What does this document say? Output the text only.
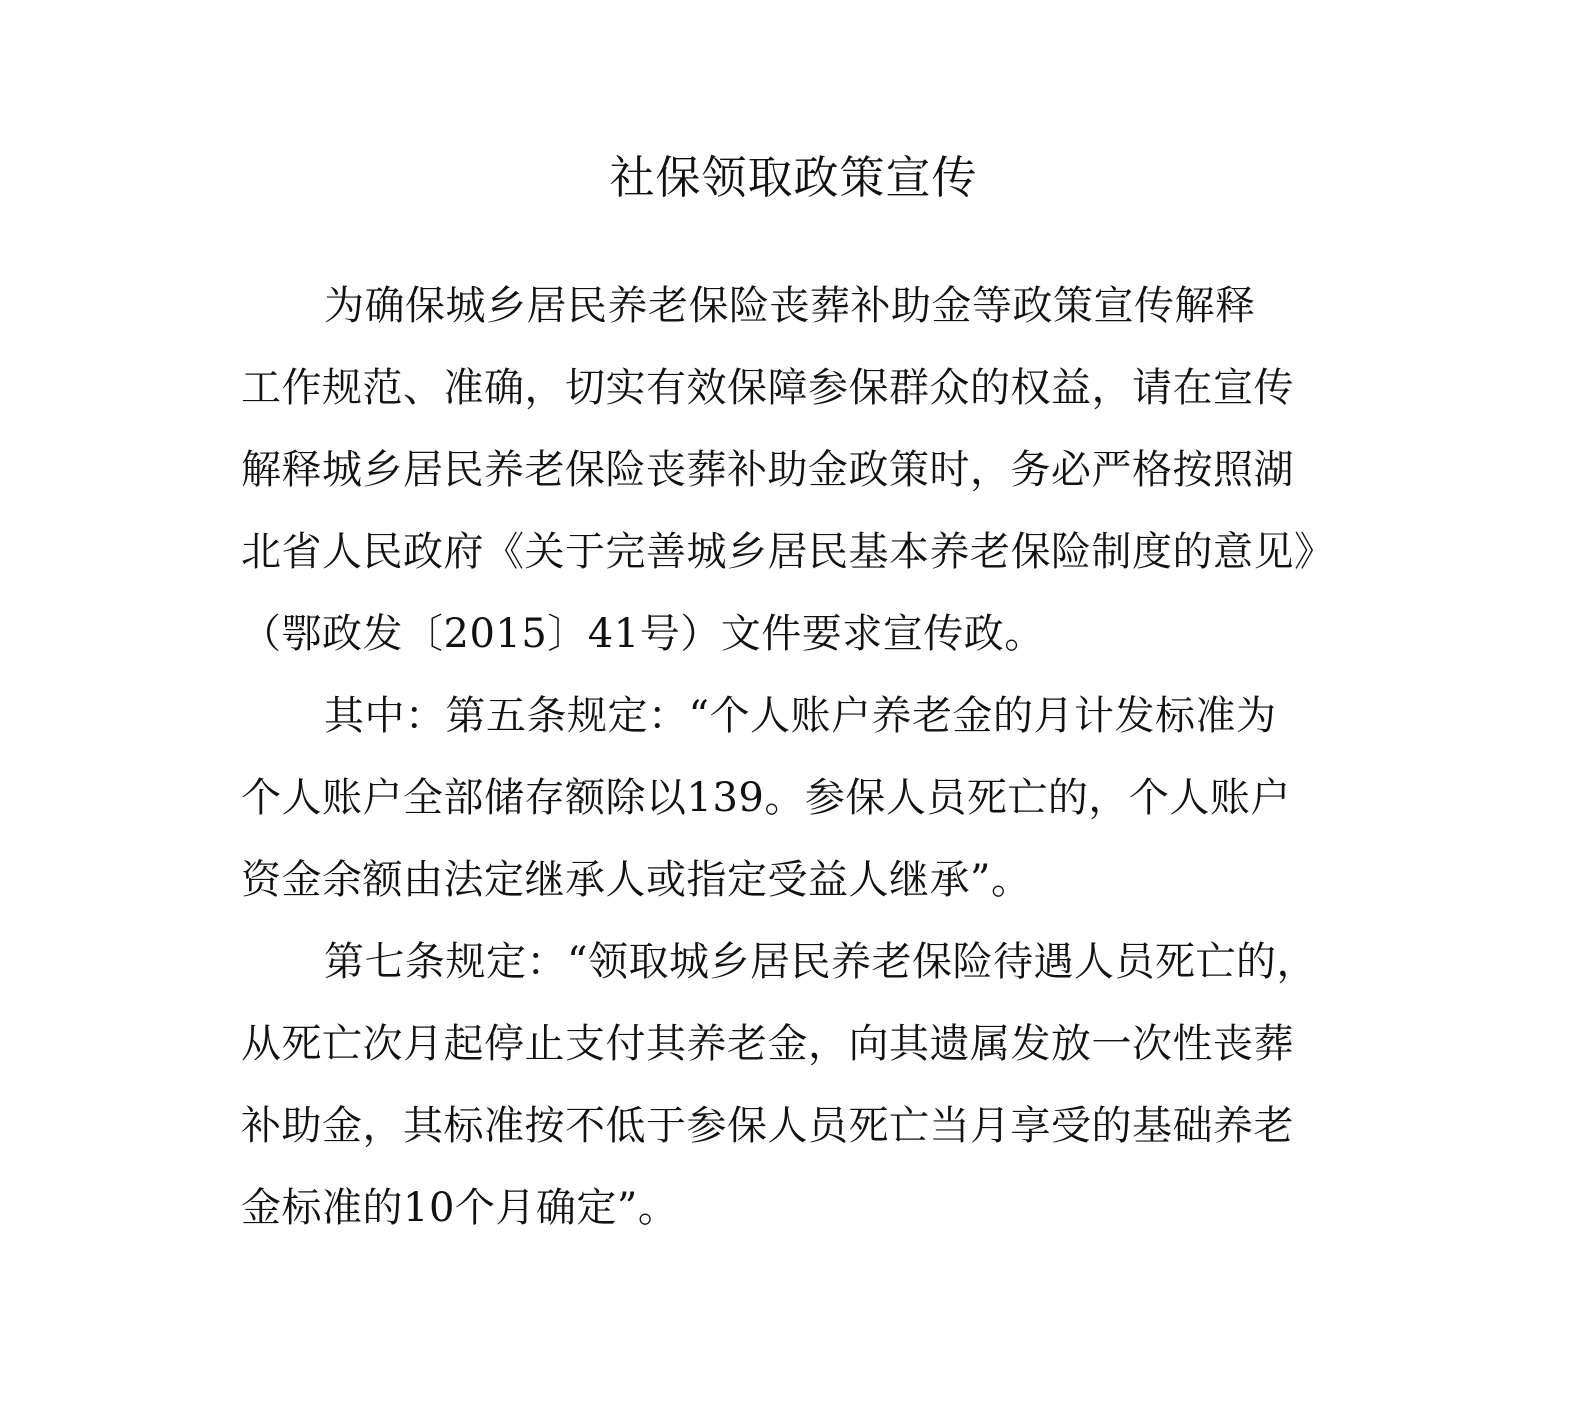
社保领取政策宣传

为确保城乡居民养老保险丧葬补助金等政策宣传解释

工作规范、准确，切实有效保障参保群众的权益，请在宣传

解释城乡居民养老保险丧葬补助金政策时，务必严格按照湖

北省人民政府《关于完善城乡居民基本养老保险制度的意见》

（鄂政发〔2015〕41号）文件要求宣传政。

其中：第五条规定：“个人账户养老金的月计发标准为

个人账户全部储存额除以139。参保人员死亡的，个人账户

资金余额由法定继承人或指定受益人继承”。

第七条规定：“领取城乡居民养老保险待遇人员死亡的，

从死亡次月起停止支付其养老金，向其遗属发放一次性丧葬

补助金，其标准按不低于参保人员死亡当月享受的基础养老

金标准的10个月确定”。
